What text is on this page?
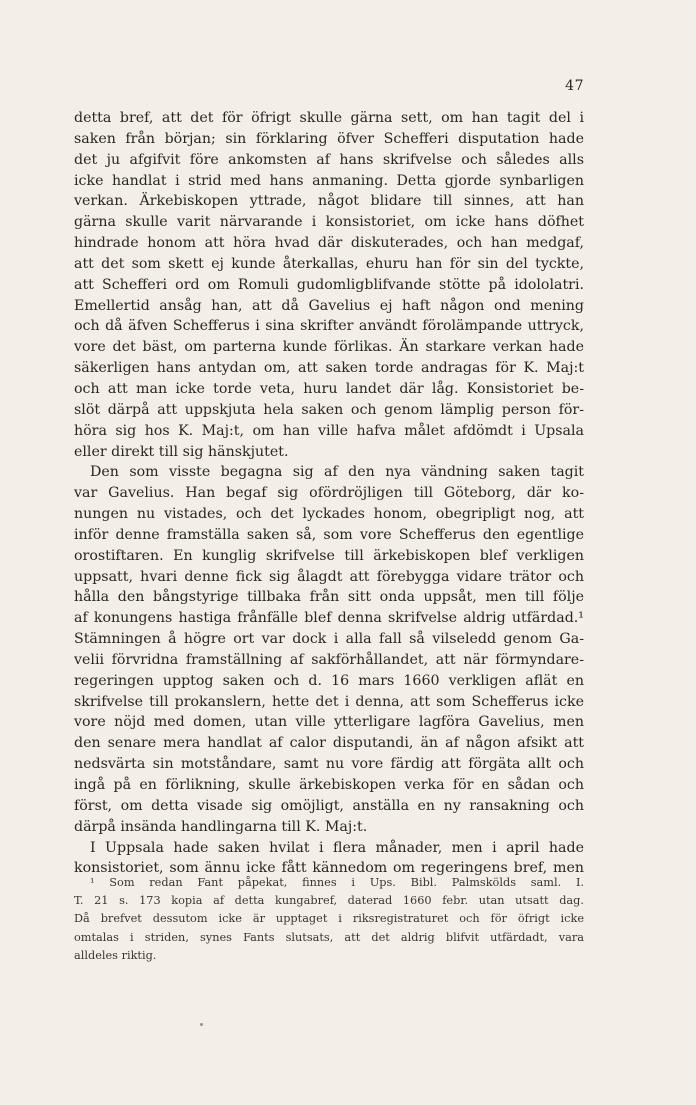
47
detta bref, att det för öfrigt skulle gärna sett, om han tagit del i
saken från början; sin förklaring öfver Schefferi disputation hade
det ju afgifvit före ankomsten af hans skrifvelse och således alls
icke handlat i strid med hans anmaning. Detta gjorde synbarligen
verkan. Ärkebiskopen yttrade, något blidare till sinnes, att han
gärna skulle varit närvarande i konsistoriet, om icke hans döfhet
hindrade honom att höra hvad där diskuterades, och han medgaf,
att det som skett ej kunde återkallas, ehuru han för sin del tyckte,
att Schefferi ord om Romuli gudomligblifvande stötte på idololatri.
Emellertid ansåg han, att då Gavelius ej haft någon ond mening
och då äfven Schefferus i sina skrifter användt förolämpande uttryck,
vore det bäst, om parterna kunde förlikas. Än starkare verkan hade
säkerligen hans antydan om, att saken torde andragas för K. Maj:t
och att man icke torde veta, huru landet där låg. Konsistoriet be-
slöt därpå att uppskjuta hela saken och genom lämplig person för-
höra sig hos K. Maj:t, om han ville hafva målet afdömdt i Upsala
eller direkt till sig hänskjutet.
Den som visste begagna sig af den nya vändning saken tagit
var Gavelius. Han begaf sig ofördröjligen till Göteborg, där ko-
nungen nu vistades, och det lyckades honom, obegripligt nog, att
inför denne framställa saken så, som vore Schefferus den egentlige
orostiftaren. En kunglig skrifvelse till ärkebiskopen blef verkligen
uppsatt, hvari denne fick sig ålagdt att förebygga vidare trätor och
hålla den bångstyrige tillbaka från sitt onda uppsåt, men till följe
af konungens hastiga frånfälle blef denna skrifvelse aldrig utfärdad.¹
Stämningen å högre ort var dock i alla fall så vilseledd genom Ga-
velii förvridna framställning af sakförhållandet, att när förmyndare-
regeringen upptog saken och d. 16 mars 1660 verkligen aflät en
skrifvelse till prokanslern, hette det i denna, att som Schefferus icke
vore nöjd med domen, utan ville ytterligare lagföra Gavelius, men
den senare mera handlat af calor disputandi, än af någon afsikt att
nedsvärta sin motståndare, samt nu vore färdig att förgäta allt och
ingå på en förlikning, skulle ärkebiskopen verka för en sådan och
först, om detta visade sig omöjligt, anställa en ny ransakning och
därpå insända handlingarna till K. Maj:t.
I Uppsala hade saken hvilat i flera månader, men i april hade
konsistoriet, som ännu icke fått kännedom om regeringens bref, men
¹ Som redan Fant påpekat, finnes i Ups. Bibl. Palmskölds saml. I.
T. 21 s. 173 kopia af detta kungabref, daterad 1660 febr. utan utsatt dag.
Då brefvet dessutom icke är upptaget i riksregistraturet och för öfrigt icke
omtalas i striden, synes Fants slutsats, att det aldrig blifvit utfärdadt, vara
alldeles riktig.
